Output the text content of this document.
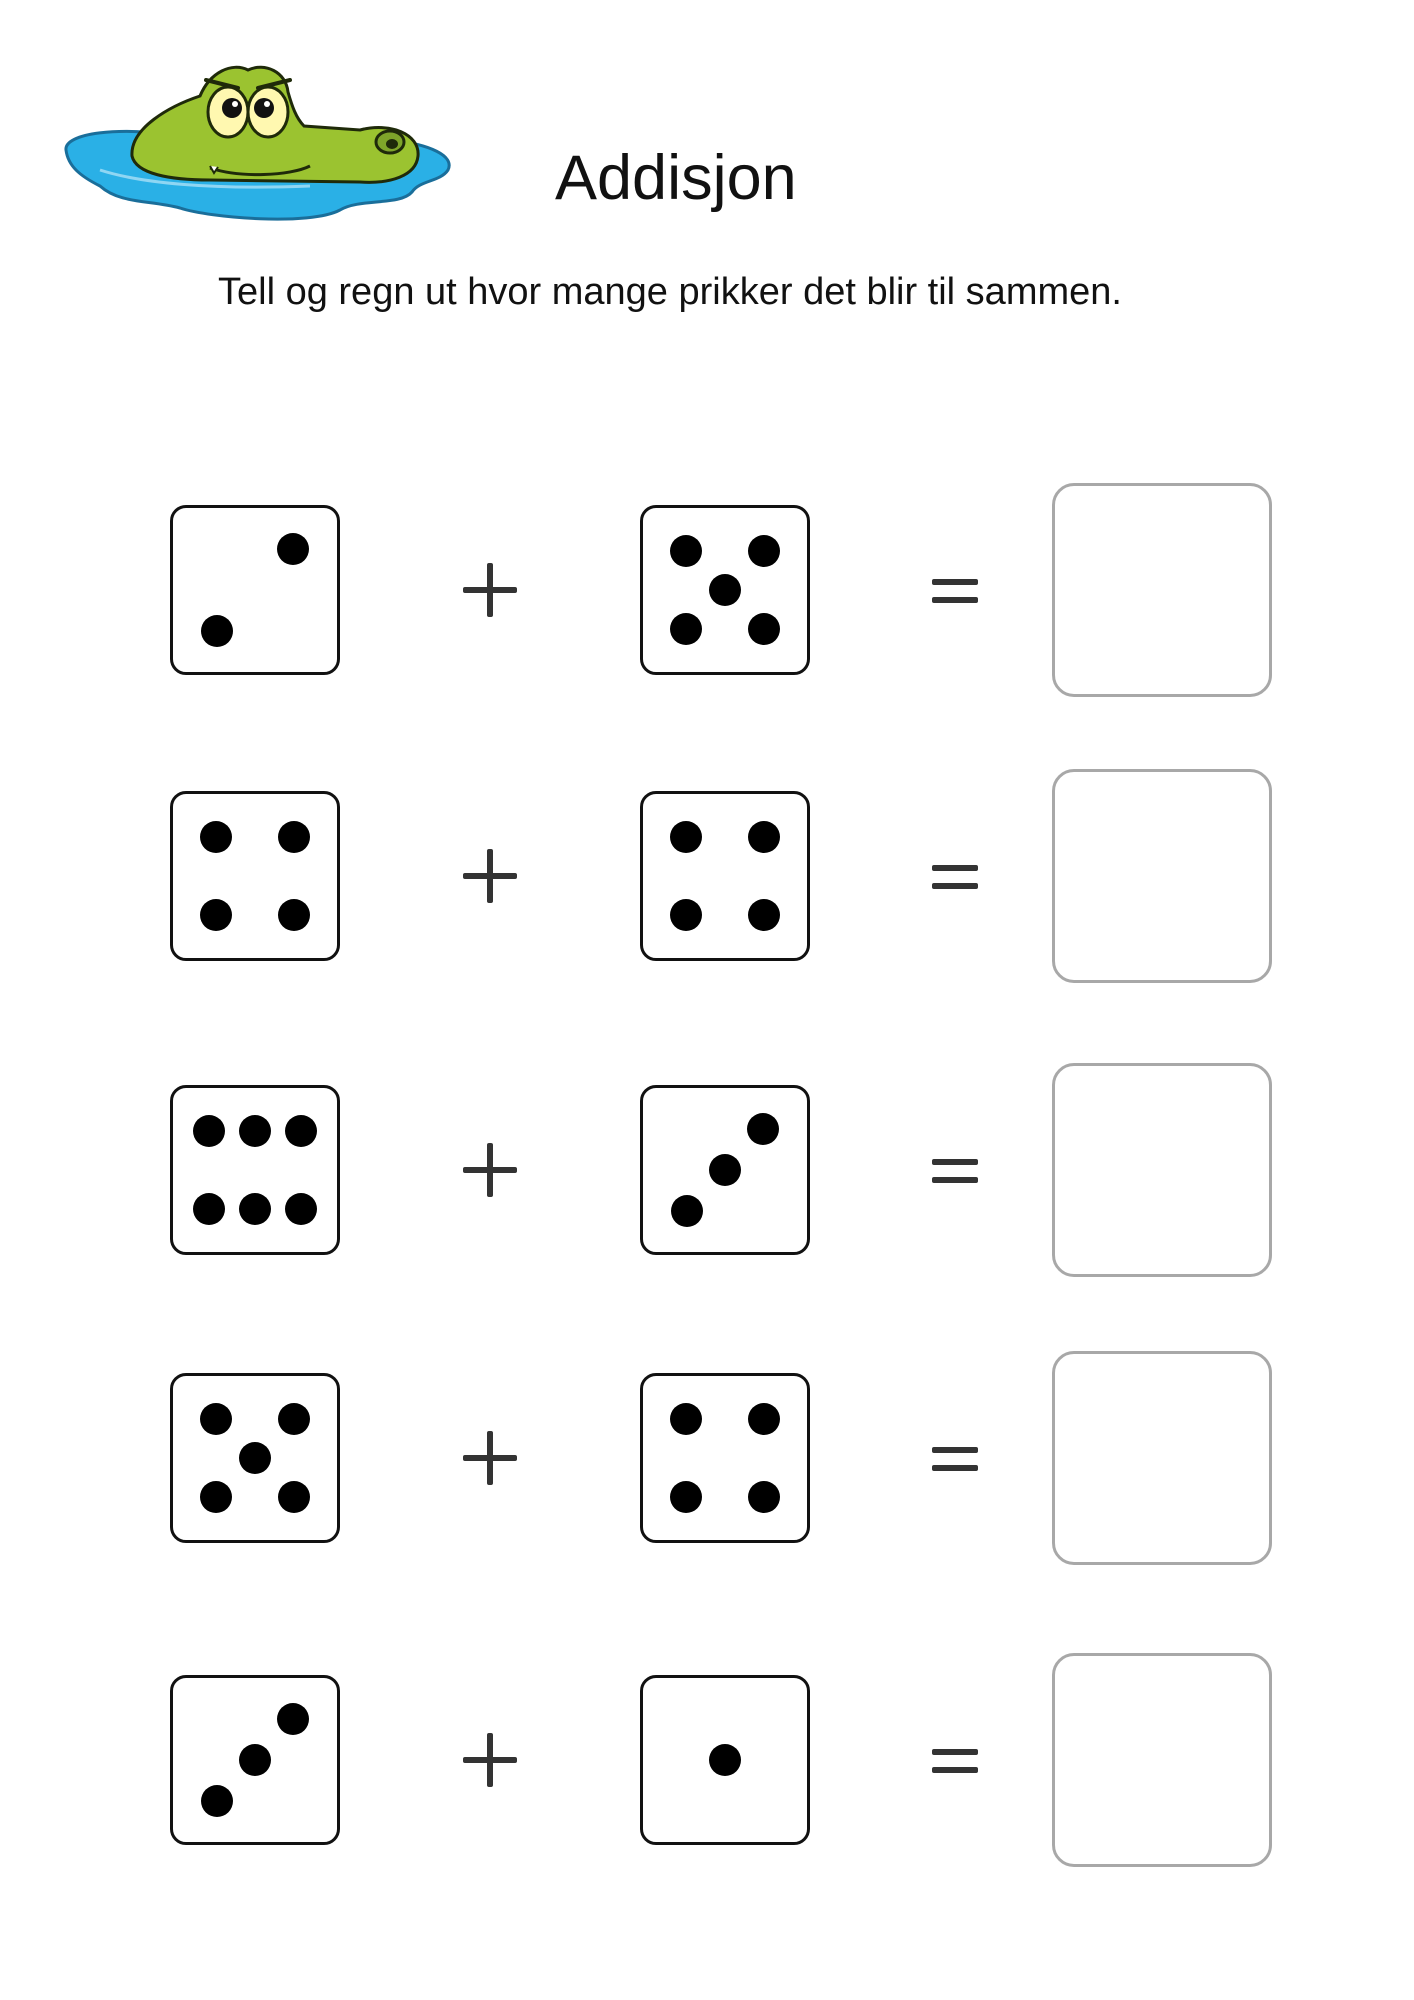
Addisjon
Tell og regn ut hvor mange prikker det blir til sammen.
